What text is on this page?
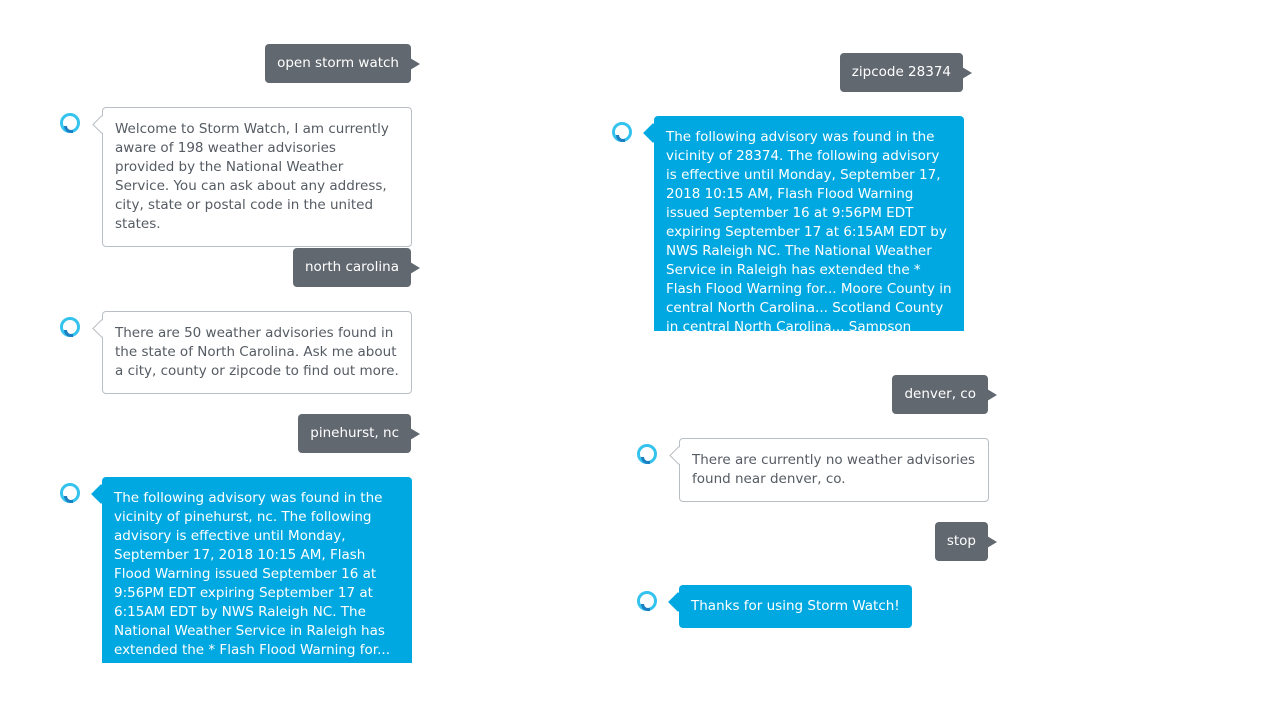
open storm watch
Welcome to Storm Watch, I am currently aware of 198 weather advisories provided by the National Weather Service. You can ask about any address, city, state or postal code in the united states.
north carolina
There are 50 weather advisories found in the state of North Carolina. Ask me about a city, county or zipcode to find out more.
pinehurst, nc
The following advisory was found in the vicinity of pinehurst, nc. The following advisory is effective until Monday, September 17, 2018 10:15 AM, Flash Flood Warning issued September 16 at 9:56PM EDT expiring September 17 at 6:15AM EDT by NWS Raleigh NC. The National Weather Service in Raleigh has extended the * Flash Flood Warning for... Moore County in central
zipcode 28374
The following advisory was found in the vicinity of 28374. The following advisory is effective until Monday, September 17, 2018 10:15 AM, Flash Flood Warning issued September 16 at 9:56PM EDT expiring September 17 at 6:15AM EDT by NWS Raleigh NC. The National Weather Service in Raleigh has extended the * Flash Flood Warning for... Moore County in central North Carolina... Scotland County in central North Carolina... Sampson County in central North
denver, co
There are currently no weather advisories found near denver, co.
stop
Thanks for using Storm Watch!
